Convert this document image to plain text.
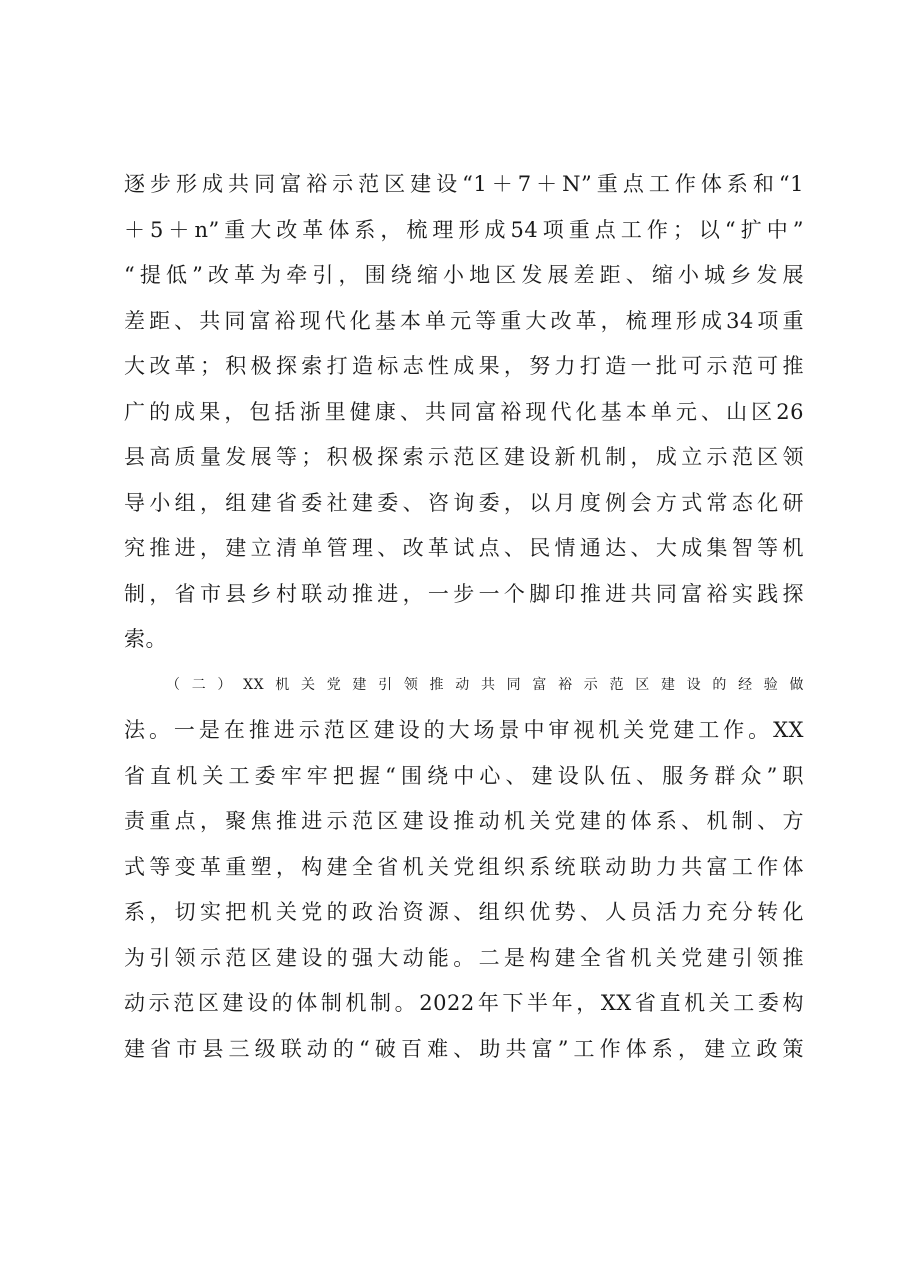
逐步形成共同富裕示范区建设“1＋7＋N”重点工作体系和“1
＋5＋n”重大改革体系，梳理形成54项重点工作；以“扩中”
“提低”改革为牵引，围绕缩小地区发展差距、缩小城乡发展
差距、共同富裕现代化基本单元等重大改革，梳理形成34项重
大改革；积极探索打造标志性成果，努力打造一批可示范可推
广的成果，包括浙里健康、共同富裕现代化基本单元、山区26
县高质量发展等；积极探索示范区建设新机制，成立示范区领
导小组，组建省委社建委、咨询委，以月度例会方式常态化研
究推进，建立清单管理、改革试点、民情通达、大成集智等机
制，省市县乡村联动推进，一步一个脚印推进共同富裕实践探
索。
（二）XX机关党建引领推动共同富裕示范区建设的经验做
法。一是在推进示范区建设的大场景中审视机关党建工作。XX
省直机关工委牢牢把握“围绕中心、建设队伍、服务群众”职
责重点，聚焦推进示范区建设推动机关党建的体系、机制、方
式等变革重塑，构建全省机关党组织系统联动助力共富工作体
系，切实把机关党的政治资源、组织优势、人员活力充分转化
为引领示范区建设的强大动能。二是构建全省机关党建引领推
动示范区建设的体制机制。2022年下半年，XX省直机关工委构
建省市县三级联动的“破百难、助共富”工作体系，建立政策
